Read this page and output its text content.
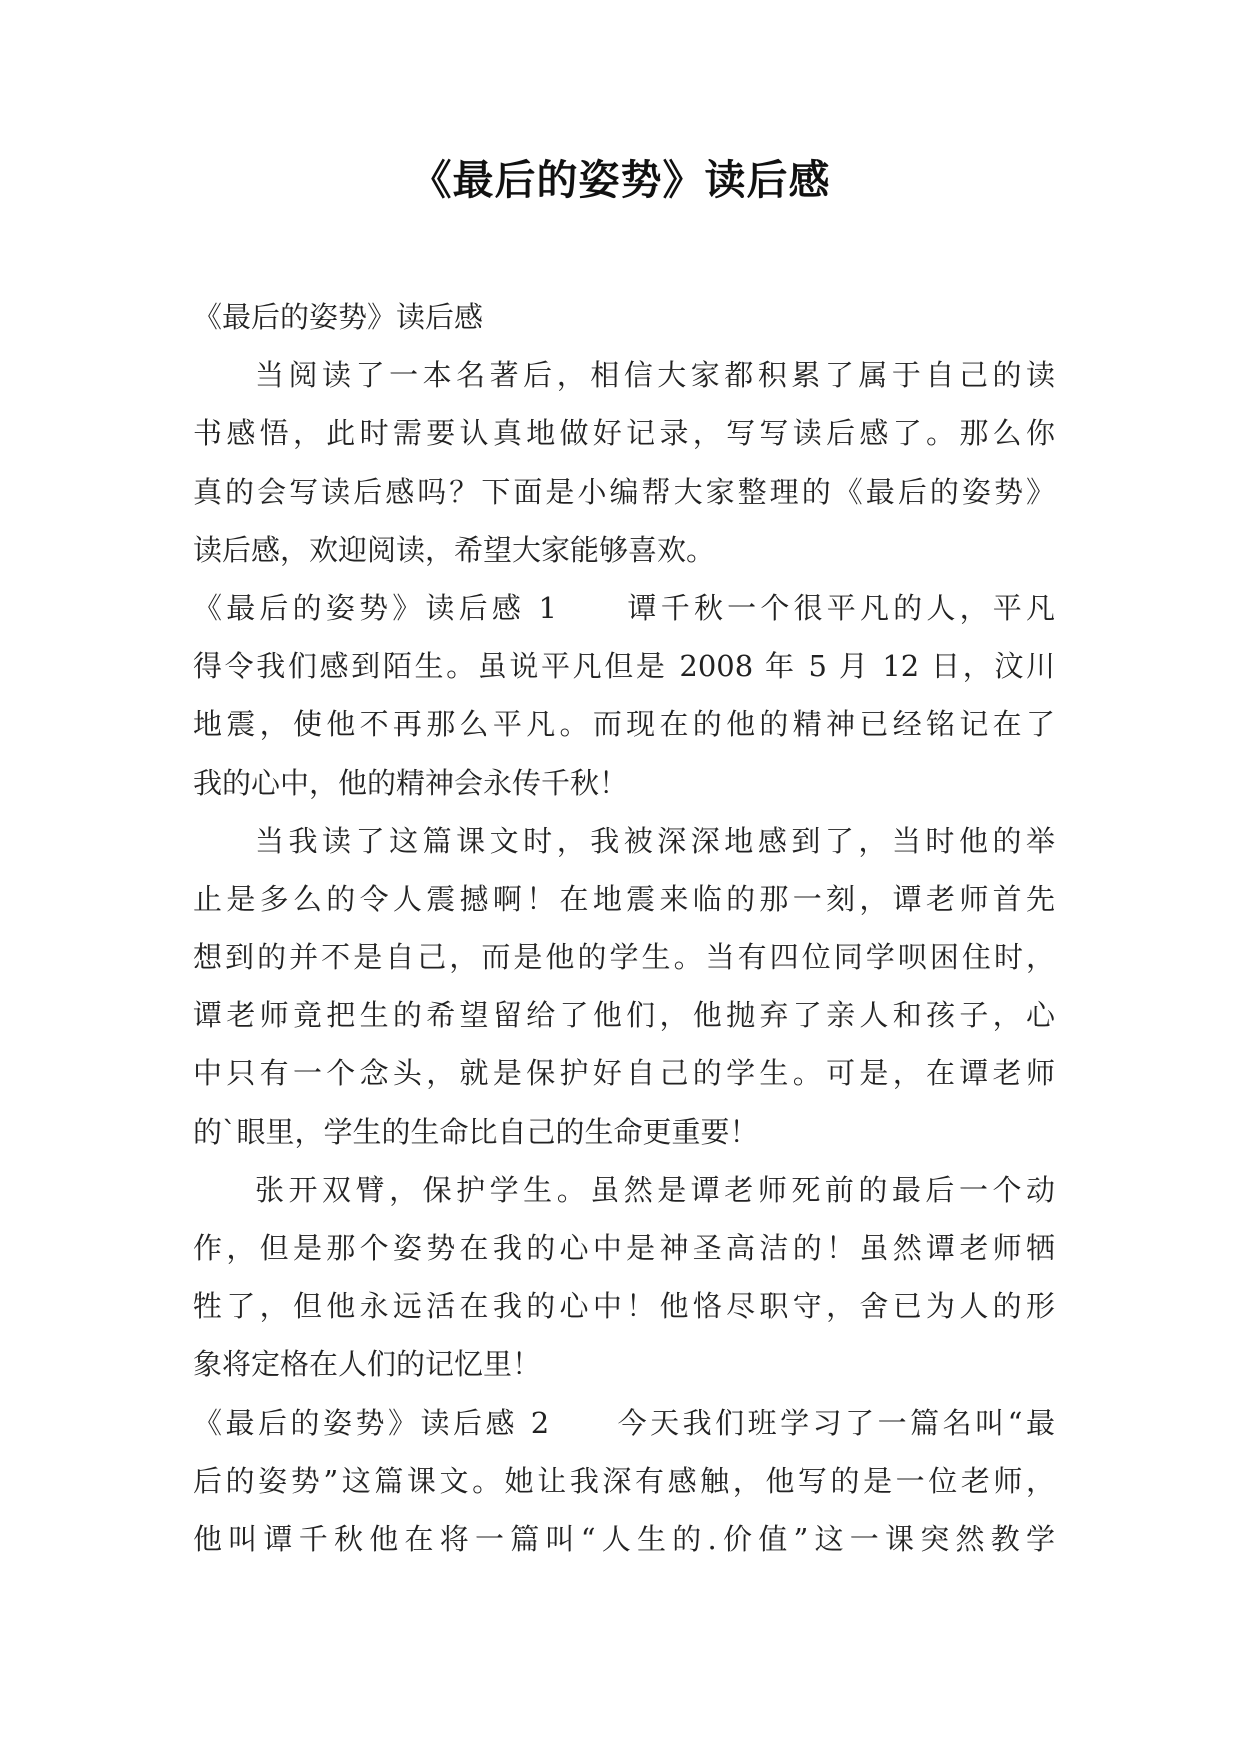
《最后的姿势》读后感
《最后的姿势》读后感
当阅读了一本名著后，相信大家都积累了属于自己的读
书感悟，此时需要认真地做好记录，写写读后感了。那么你
真的会写读后感吗？下面是小编帮大家整理的《最后的姿势》
读后感，欢迎阅读，希望大家能够喜欢。
《最后的姿势》读后感 1　　谭千秋一个很平凡的人，平凡
得令我们感到陌生。虽说平凡但是 2008 年 5 月 12 日，汶川
地震，使他不再那么平凡。而现在的他的精神已经铭记在了
我的心中，他的精神会永传千秋！
当我读了这篇课文时，我被深深地感到了，当时他的举
止是多么的令人震撼啊！在地震来临的那一刻，谭老师首先
想到的并不是自己，而是他的学生。当有四位同学呗困住时，
谭老师竟把生的希望留给了他们，他抛弃了亲人和孩子，心
中只有一个念头，就是保护好自己的学生。可是，在谭老师
的`眼里，学生的生命比自己的生命更重要！
张开双臂，保护学生。虽然是谭老师死前的最后一个动
作，但是那个姿势在我的心中是神圣高洁的！虽然谭老师牺
牲了，但他永远活在我的心中！他恪尽职守，舍已为人的形
象将定格在人们的记忆里！
《最后的姿势》读后感 2　　今天我们班学习了一篇名叫“最
后的姿势”这篇课文。她让我深有感触，他写的是一位老师，
他叫谭千秋他在将一篇叫“人生的.价值”这一课突然教学
